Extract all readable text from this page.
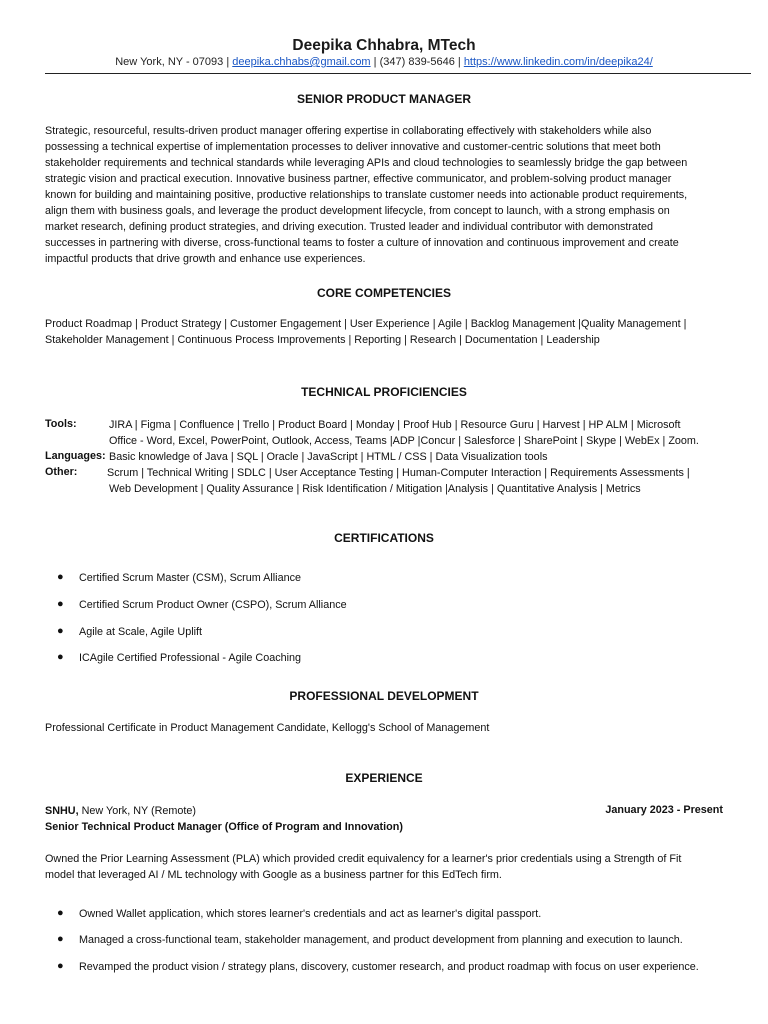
Deepika Chhabra, MTech
New York, NY - 07093 | deepika.chhabs@gmail.com | (347) 839-5646 | https://www.linkedin.com/in/deepika24/
SENIOR PRODUCT MANAGER
Strategic, resourceful, results-driven product manager offering expertise in collaborating effectively with stakeholders while also
possessing a technical expertise of implementation processes to deliver innovative and customer-centric solutions that meet both
stakeholder requirements and technical standards while leveraging APIs and cloud technologies to seamlessly bridge the gap between
strategic vision and practical execution. Innovative business partner, effective communicator, and problem-solving product manager
known for building and maintaining positive, productive relationships to translate customer needs into actionable product requirements,
align them with business goals, and leverage the product development lifecycle, from concept to launch, with a strong emphasis on
market research, defining product strategies, and driving execution. Trusted leader and individual contributor with demonstrated
successes in partnering with diverse, cross-functional teams to foster a culture of innovation and continuous improvement and create
impactful products that drive growth and enhance use experiences.
CORE COMPETENCIES
Product Roadmap | Product Strategy | Customer Engagement | User Experience | Agile | Backlog Management |Quality Management |
Stakeholder Management | Continuous Process Improvements | Reporting | Research | Documentation | Leadership
TECHNICAL PROFICIENCIES
Tools:	JIRA | Figma | Confluence | Trello | Product Board | Monday | Proof Hub | Resource Guru | Harvest | HP ALM | Microsoft
Office - Word, Excel, PowerPoint, Outlook, Access, Teams |ADP |Concur | Salesforce | SharePoint | Skype | WebEx | Zoom.
Languages: Basic knowledge of Java | SQL | Oracle | JavaScript | HTML / CSS | Data Visualization tools
Other:	Scrum | Technical Writing | SDLC | User Acceptance Testing | Human-Computer Interaction | Requirements Assessments |
Web Development | Quality Assurance | Risk Identification / Mitigation |Analysis | Quantitative Analysis | Metrics
CERTIFICATIONS
● Certified Scrum Master (CSM), Scrum Alliance
● Certified Scrum Product Owner (CSPO), Scrum Alliance
● Agile at Scale, Agile Uplift
● ICAgile Certified Professional - Agile Coaching
PROFESSIONAL DEVELOPMENT
Professional Certificate in Product Management Candidate, Kellogg's School of Management
EXPERIENCE
SNHU, New York, NY (Remote)	January 2023 - Present
Senior Technical Product Manager (Office of Program and Innovation)
Owned the Prior Learning Assessment (PLA) which provided credit equivalency for a learner's prior credentials using a Strength of Fit
model that leveraged AI / ML technology with Google as a business partner for this EdTech firm.
● Owned Wallet application, which stores learner's credentials and act as learner's digital passport.
● Managed a cross-functional team, stakeholder management, and product development from planning and execution to launch.
● Revamped the product vision / strategy plans, discovery, customer research, and product roadmap with focus on user experience.
